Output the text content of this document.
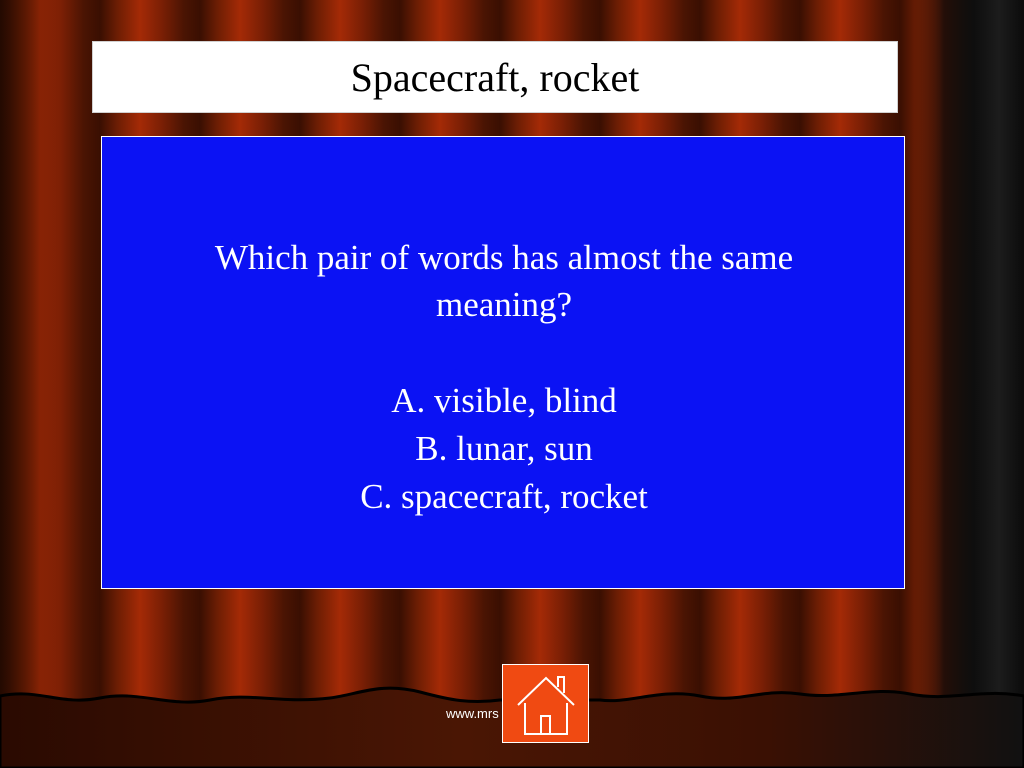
Spacecraft, rocket
Which pair of words has almost the same meaning?
A. visible, blind
B. lunar, sun
C. spacecraft, rocket
www.mrs
